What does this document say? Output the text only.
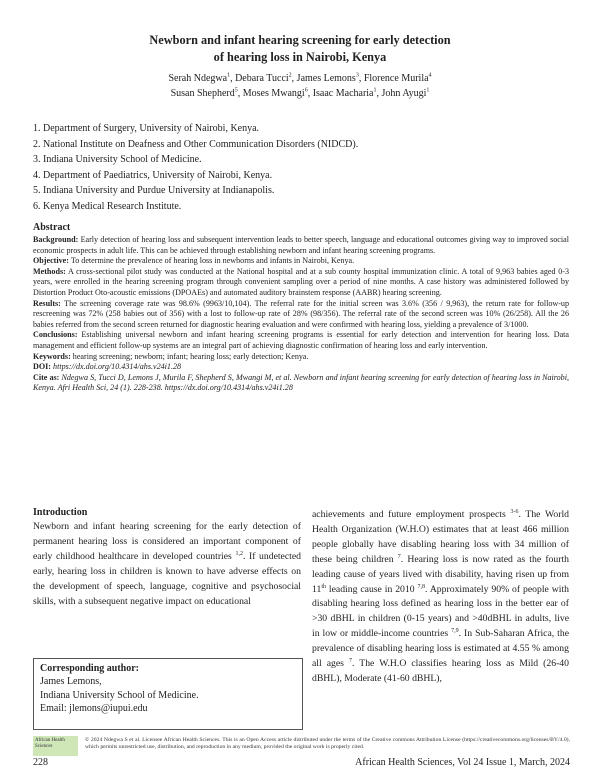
Newborn and infant hearing screening for early detection
of hearing loss in Nairobi, Kenya
Serah Ndegwa$^1$, Debara Tucci$^2$, James Lemons$^3$, Florence Murila$^4$
Susan Shepherd$^5$, Moses Mwangi$^6$, Isaac Macharia$^1$, John Ayugi$^1$
1. Department of Surgery, University of Nairobi, Kenya.
2. National Institute on Deafness and Other Communication Disorders (NIDCD).
3. Indiana University School of Medicine.
4. Department of Paediatrics, University of Nairobi, Kenya.
5. Indiana University and Purdue University at Indianapolis.
6. Kenya Medical Research Institute.
Abstract

Background: Early detection of hearing loss and subsequent intervention leads to better speech, language and educational outcomes giving way to improved social economic prospects in adult life. This can be achieved through establishing newborn and infant hearing screening programs.

Objective: To determine the prevalence of hearing loss in newborns and infants in Nairobi, Kenya.

Methods: A cross-sectional pilot study was conducted at the National hospital and at a sub county hospital immunization clinic. A total of 9,963 babies aged 0-3 years, were enrolled in the hearing screening program through convenient sampling over a period of nine months. A case history was administered followed by Distortion Product Oto-acoustic emissions (DPOAEs) and automated auditory brainstem response (AABR) hearing screening.

Results: The screening coverage rate was 98.6% (9963/10,104). The referral rate for the initial screen was 3.6% (356 / 9,963), the return rate for follow-up rescreening was 72% (258 babies out of 356) with a lost to follow-up rate of 28% (98/356). The referral rate of the second screen was 10% (26/258). All the 26 babies referred from the second screen returned for diagnostic hearing evaluation and were confirmed with hearing loss, yielding a prevalence of 3/1000.

Conclusions: Establishing universal newborn and infant hearing screening programs is essential for early detection and intervention for hearing loss. Data management and efficient follow-up systems are an integral part of achieving diagnostic confirmation of hearing loss and early intervention.

Keywords: hearing screening; newborn; infant; hearing loss; early detection; Kenya.

DOI: https://dx.doi.org/10.4314/ahs.v24i1.28

Cite as: Ndegwa S, Tucci D, Lemons J, Murila F, Shepherd S, Mwangi M, et al. Newborn and infant hearing screening for early detection of hearing loss in Nairobi, Kenya. Afri Health Sci, 24 (1). 228-238. https://dx.doi.org/10.4314/ahs.v24i1.28

Introduction

Newborn and infant hearing screening for the early detection of permanent hearing loss is considered an important component of early childhood healthcare in developed countries $^{1,2}$. If undetected early, hearing loss in children is known to have adverse effects on the development of speech, language, cognitive and psychosocial skills, with a subsequent negative impact on educational

achievements and future employment prospects $^{3-6}$. The World Health Organization (W.H.O) estimates that at least 466 million people globally have disabling hearing loss with 34 million of these being children $^7$. Hearing loss is now rated as the fourth leading cause of years lived with disability, having risen up from 11th leading cause in 2010 $^{7,8}$. Approximately 90% of people with disabling hearing loss defined as hearing loss in the better ear of >30 dBHL in children (0-15 years) and >40dBHL in adults, live in low or middle-income countries $^{7,9}$. In Sub-Saharan Africa, the prevalence of disabling hearing loss is estimated at 4.55 % among all ages $^7$. The W.H.O classifies hearing loss as Mild (26-40 dBHL), Moderate (41-60 dBHL),

Corresponding author:
James Lemons,
Indiana University School of Medicine.
Email: jlemons@iupui.edu
African Health Sciences
© 2024 Ndegwa S et al. Licensee African Health Sciences. This is an Open Access article distributed under the terms of the Creative commons Attribution License (https://creativecommons.org/licenses/BY/4.0), which permits unrestricted use, distribution, and reproduction in any medium, provided the original work is properly cited.
228	African Health Sciences, Vol 24 Issue 1, March, 2024
